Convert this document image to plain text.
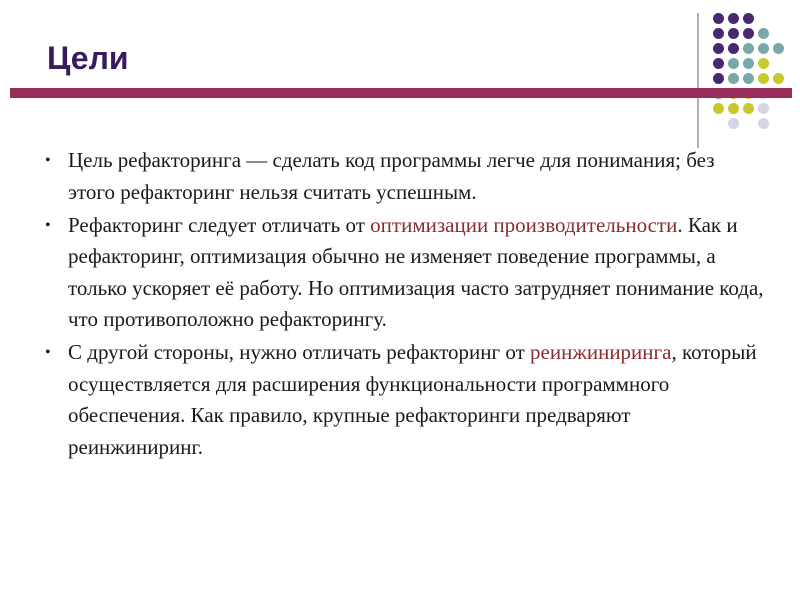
Цели
• Цель рефакторинга — сделать код программы легче для понимания; без этого рефакторинг нельзя считать успешным.
• Рефакторинг следует отличать от оптимизации производительности. Как и рефакторинг, оптимизация обычно не изменяет поведение программы, а только ускоряет её работу. Но оптимизация часто затрудняет понимание кода, что противоположно рефакторингу.
• С другой стороны, нужно отличать рефакторинг от реинжиниринга, который осуществляется для расширения функциональности программного обеспечения. Как правило, крупные рефакторинги предваряют реинжиниринг.
